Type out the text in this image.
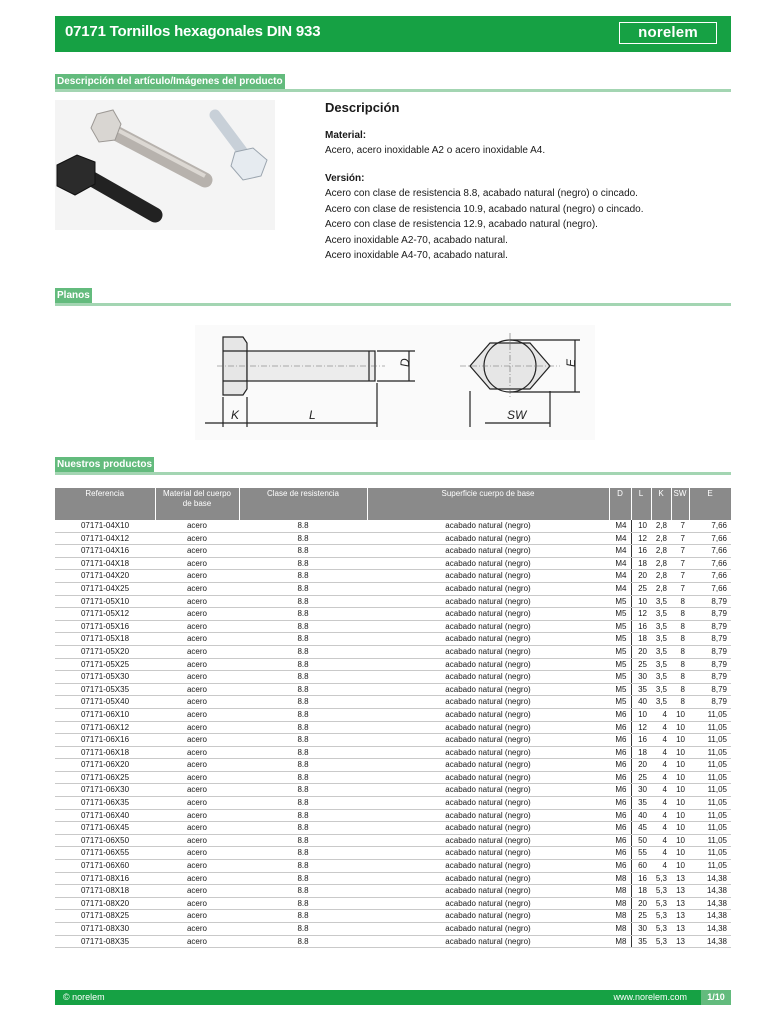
07171 Tornillos hexagonales DIN 933	norelem
Descripción del artículo/Imágenes del producto
Descripción

Material:

Acero, acero inoxidable A2 o acero inoxidable A4.

Versión:

Acero con clase de resistencia 8.8, acabado natural (negro) o cincado.

Acero con clase de resistencia 10.9, acabado natural (negro) o cincado.

Acero con clase de resistencia 12.9, acabado natural (negro).

Acero inoxidable A2-70, acabado natural.

Acero inoxidable A4-70, acabado natural.

Planos
K	L
D	E
SW
Nuestros productos
Referencia	Material del cuerpo de base	Clase de resistencia	Superficie cuerpo de base	D	L	K	SW	E
07171-04X10	acero	8.8	acabado natural (negro)	M4	10	2,8	7	7,66
07171-04X12	acero	8.8	acabado natural (negro)	M4	12	2,8	7	7,66
07171-04X16	acero	8.8	acabado natural (negro)	M4	16	2,8	7	7,66
07171-04X18	acero	8.8	acabado natural (negro)	M4	18	2,8	7	7,66
07171-04X20	acero	8.8	acabado natural (negro)	M4	20	2,8	7	7,66
07171-04X25	acero	8.8	acabado natural (negro)	M4	25	2,8	7	7,66
07171-05X10	acero	8.8	acabado natural (negro)	M5	10	3,5	8	8,79
07171-05X12	acero	8.8	acabado natural (negro)	M5	12	3,5	8	8,79
07171-05X16	acero	8.8	acabado natural (negro)	M5	16	3,5	8	8,79
07171-05X18	acero	8.8	acabado natural (negro)	M5	18	3,5	8	8,79
07171-05X20	acero	8.8	acabado natural (negro)	M5	20	3,5	8	8,79
07171-05X25	acero	8.8	acabado natural (negro)	M5	25	3,5	8	8,79
07171-05X30	acero	8.8	acabado natural (negro)	M5	30	3,5	8	8,79
07171-05X35	acero	8.8	acabado natural (negro)	M5	35	3,5	8	8,79
07171-05X40	acero	8.8	acabado natural (negro)	M5	40	3,5	8	8,79
07171-06X10	acero	8.8	acabado natural (negro)	M6	10	4	10	11,05
07171-06X12	acero	8.8	acabado natural (negro)	M6	12	4	10	11,05
07171-06X16	acero	8.8	acabado natural (negro)	M6	16	4	10	11,05
07171-06X18	acero	8.8	acabado natural (negro)	M6	18	4	10	11,05
07171-06X20	acero	8.8	acabado natural (negro)	M6	20	4	10	11,05
07171-06X25	acero	8.8	acabado natural (negro)	M6	25	4	10	11,05
07171-06X30	acero	8.8	acabado natural (negro)	M6	30	4	10	11,05
07171-06X35	acero	8.8	acabado natural (negro)	M6	35	4	10	11,05
07171-06X40	acero	8.8	acabado natural (negro)	M6	40	4	10	11,05
07171-06X45	acero	8.8	acabado natural (negro)	M6	45	4	10	11,05
07171-06X50	acero	8.8	acabado natural (negro)	M6	50	4	10	11,05
07171-06X55	acero	8.8	acabado natural (negro)	M6	55	4	10	11,05
07171-06X60	acero	8.8	acabado natural (negro)	M6	60	4	10	11,05
07171-08X16	acero	8.8	acabado natural (negro)	M8	16	5,3	13	14,38
07171-08X18	acero	8.8	acabado natural (negro)	M8	18	5,3	13	14,38
07171-08X20	acero	8.8	acabado natural (negro)	M8	20	5,3	13	14,38
07171-08X25	acero	8.8	acabado natural (negro)	M8	25	5,3	13	14,38
07171-08X30	acero	8.8	acabado natural (negro)	M8	30	5,3	13	14,38
07171-08X35	acero	8.8	acabado natural (negro)	M8	35	5,3	13	14,38
© norelem	www.norelem.com	1/10
